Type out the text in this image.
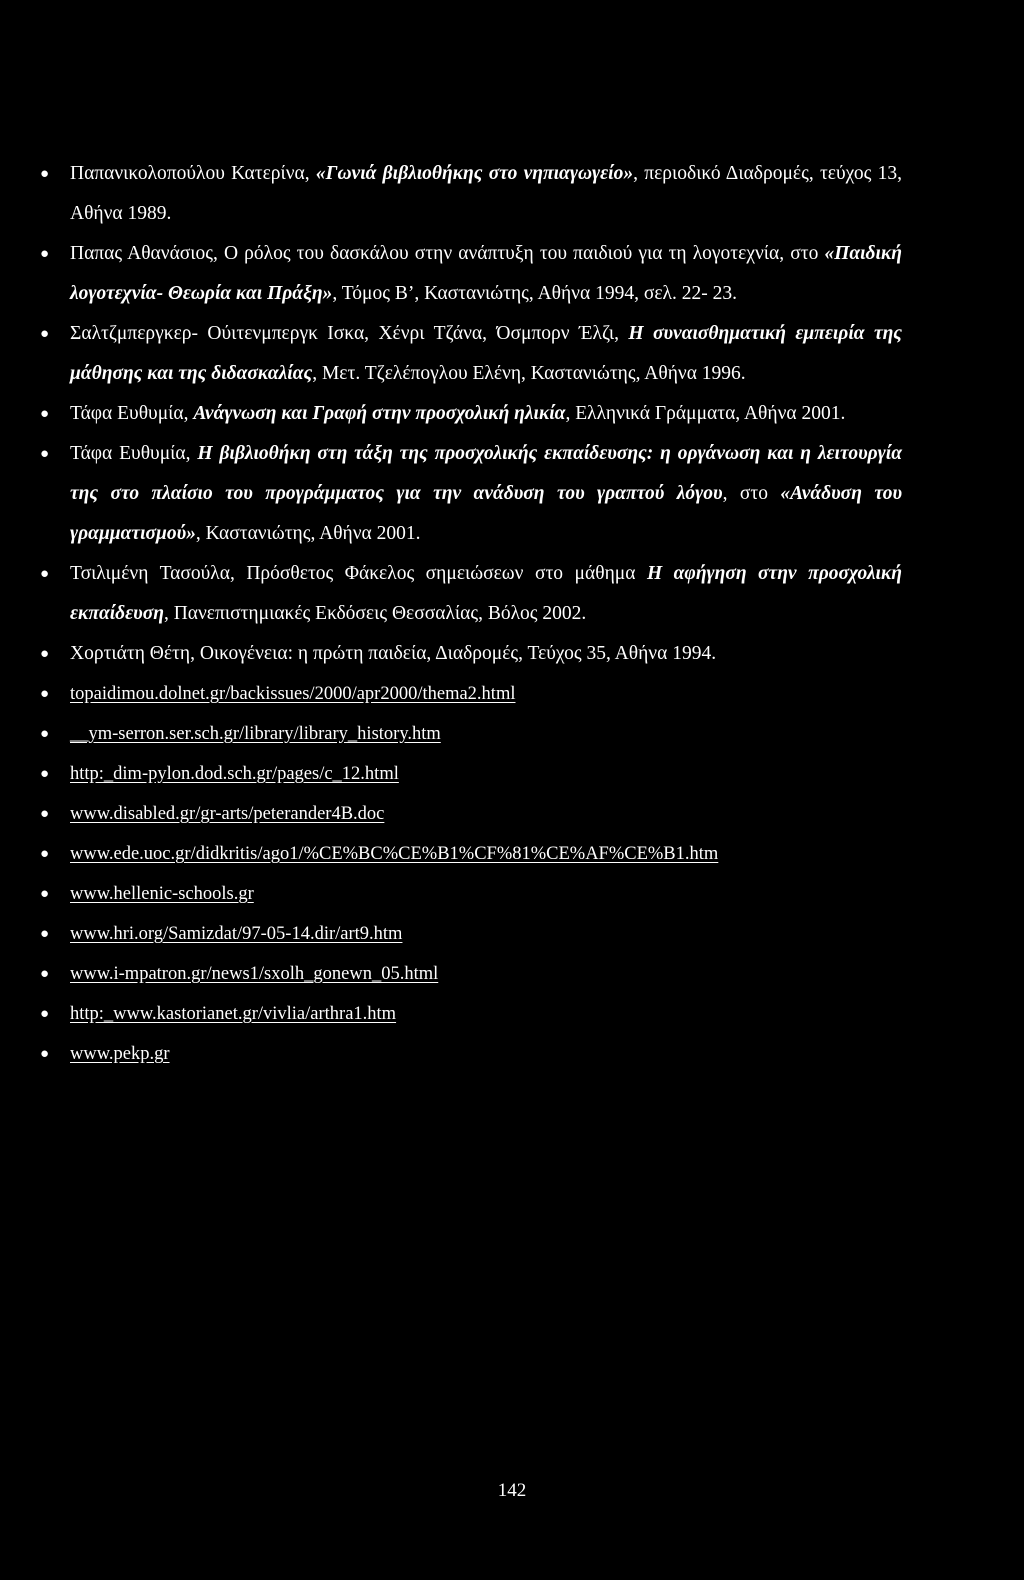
● Παπανικολοπούλου Κατερίνα, «Γωνιά βιβλιοθήκης στο νηπιαγωγείο», περιοδικό Διαδρομές, τεύχος 13, Αθήνα 1989.
● Παπας Αθανάσιος, Ο ρόλος του δασκάλου στην ανάπτυξη του παιδιού για τη λογοτεχνία, στο «Παιδική λογοτεχνία- Θεωρία και Πράξη», Τόμος Β’, Καστανιώτης, Αθήνα 1994, σελ. 22- 23.
● Σαλτζμπεργκερ- Ούιτενμπεργκ Ισκα, Χένρι Τζάνα, Όσμπορν Έλζι, Η συναισθηματική εμπειρία της μάθησης και της διδασκαλίας, Μετ. Τζελέπογλου Ελένη, Καστανιώτης, Αθήνα 1996.
● Τάφα Ευθυμία, Ανάγνωση και Γραφή στην προσχολική ηλικία, Ελληνικά Γράμματα, Αθήνα 2001.
● Τάφα Ευθυμία, Η βιβλιοθήκη στη τάξη της προσχολικής εκπαίδευσης: η οργάνωση και η λειτουργία της στο πλαίσιο του προγράμματος για την ανάδυση του γραπτού λόγου, στο «Ανάδυση του γραμματισμού», Καστανιώτης, Αθήνα 2001.
● Τσιλιμένη Τασούλα, Πρόσθετος Φάκελος σημειώσεων στο μάθημα Η αφήγηση στην προσχολική εκπαίδευση, Πανεπιστημιακές Εκδόσεις Θεσσαλίας, Βόλος 2002.
● Χορτιάτη Θέτη, Οικογένεια: η πρώτη παιδεία, Διαδρομές, Τεύχος 35, Αθήνα 1994.
● topaidimou.dolnet.gr/backissues/2000/apr2000/thema2.html
● __ym-serron.ser.sch.gr/library/library_history.htm
● http:_dim-pylon.dod.sch.gr/pages/c_12.html
● www.disabled.gr/gr-arts/peterander4B.doc
● www.ede.uoc.gr/didkritis/ago1/%CE%BC%CE%B1%CF%81%CE%AF%CE%B1.htm
● www.hellenic-schools.gr
● www.hri.org/Samizdat/97-05-14.dir/art9.htm
● www.i-mpatron.gr/news1/sxolh_gonewn_05.html
● http:_www.kastorianet.gr/vivlia/arthra1.htm
● www.pekp.gr
142
